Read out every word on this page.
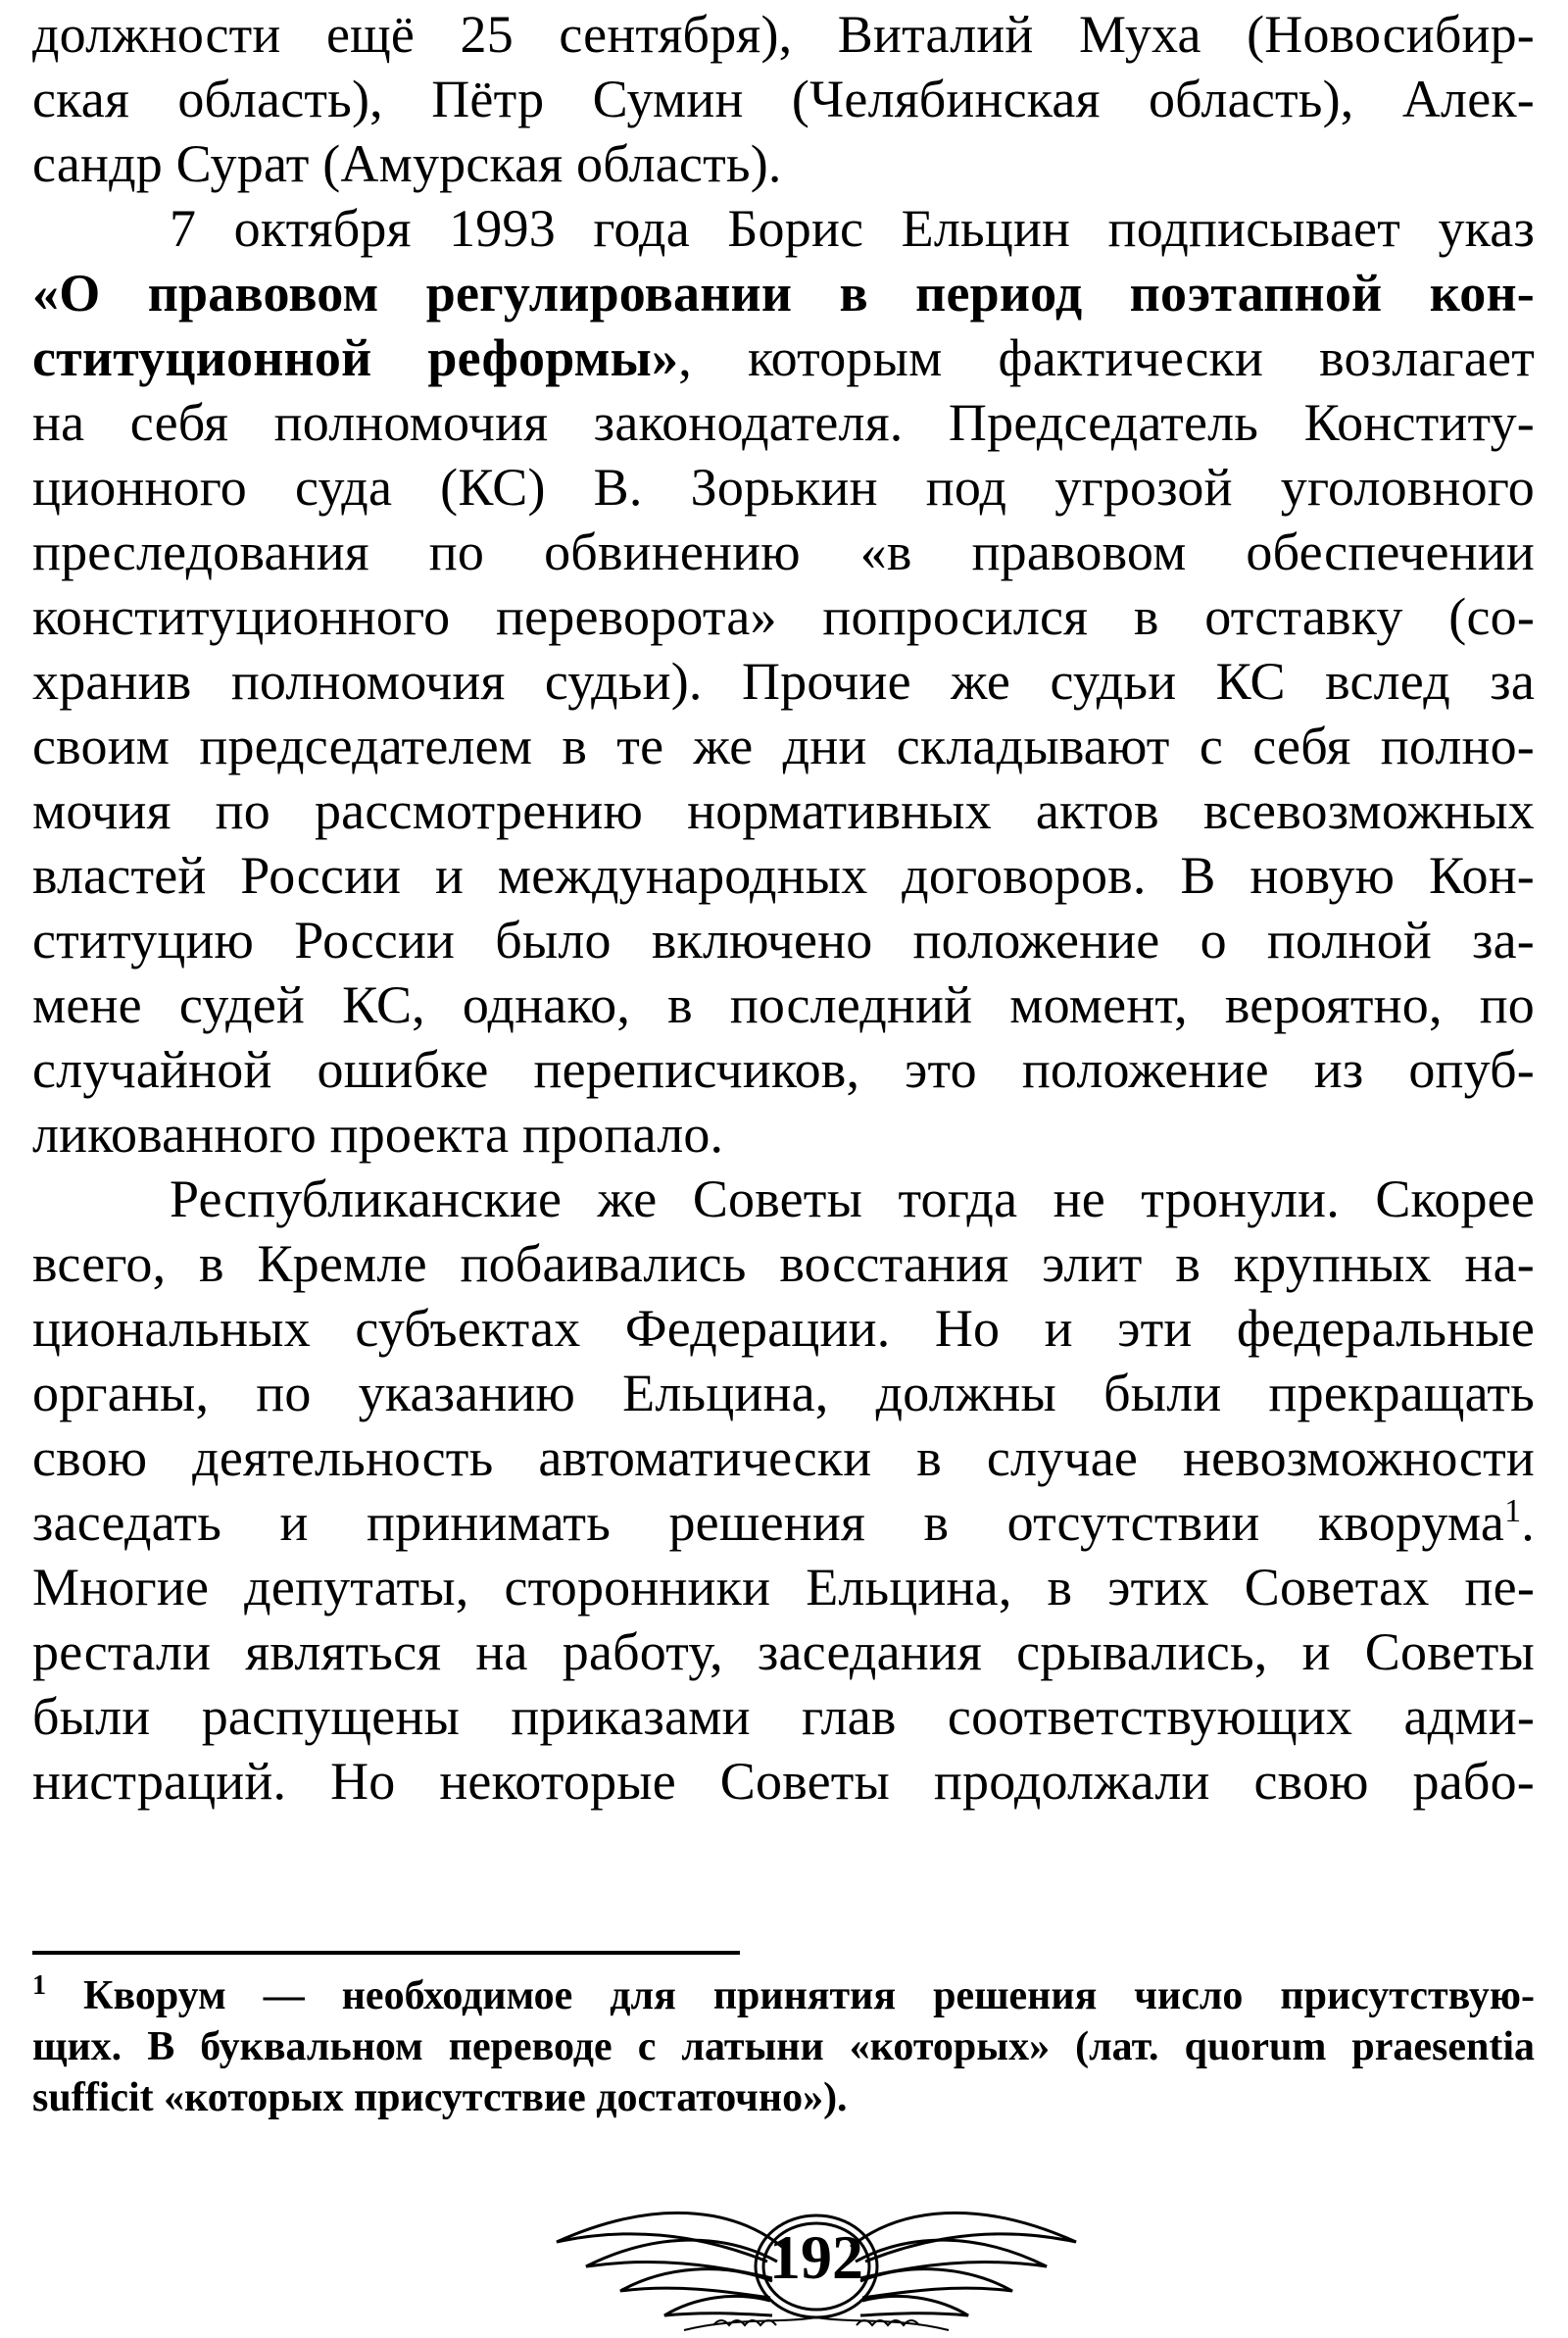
должности ещё 25 сентября), Виталий Муха (Новосибир-
ская область), Пётр Сумин (Челябинская область), Алек-
сандр Сурат (Амурская область).
7 октября 1993 года Борис Ельцин подписывает указ
«О правовом регулировании в период поэтапной кон-
ституционной реформы», которым фактически возлагает
на себя полномочия законодателя. Председатель Конститу-
ционного суда (КС) В. Зорькин под угрозой уголовного
преследования по обвинению «в правовом обеспечении
конституционного переворота» попросился в отставку (со-
хранив полномочия судьи). Прочие же судьи КС вслед за
своим председателем в те же дни складывают с себя полно-
мочия по рассмотрению нормативных актов всевозможных
властей России и международных договоров. В новую Кон-
ституцию России было включено положение о полной за-
мене судей КС, однако, в последний момент, вероятно, по
случайной ошибке переписчиков, это положение из опуб-
ликованного проекта пропало.
Республиканские же Советы тогда не тронули. Скорее
всего, в Кремле побаивались восстания элит в крупных на-
циональных субъектах Федерации. Но и эти федеральные
органы, по указанию Ельцина, должны были прекращать
свою деятельность автоматически в случае невозможности
заседать и принимать решения в отсутствии кворума$^1$.
Многие депутаты, сторонники Ельцина, в этих Советах пе-
рестали являться на работу, заседания срывались, и Советы
были распущены приказами глав соответствующих адми-
нистраций. Но некоторые Советы продолжали свою рабо-
$^1$ Кворум — необходимое для принятия решения число присутствую-
щих. В буквальном переводе с латыни «которых» (лат. quorum praesentia
sufficit «которых присутствие достаточно»).
192
